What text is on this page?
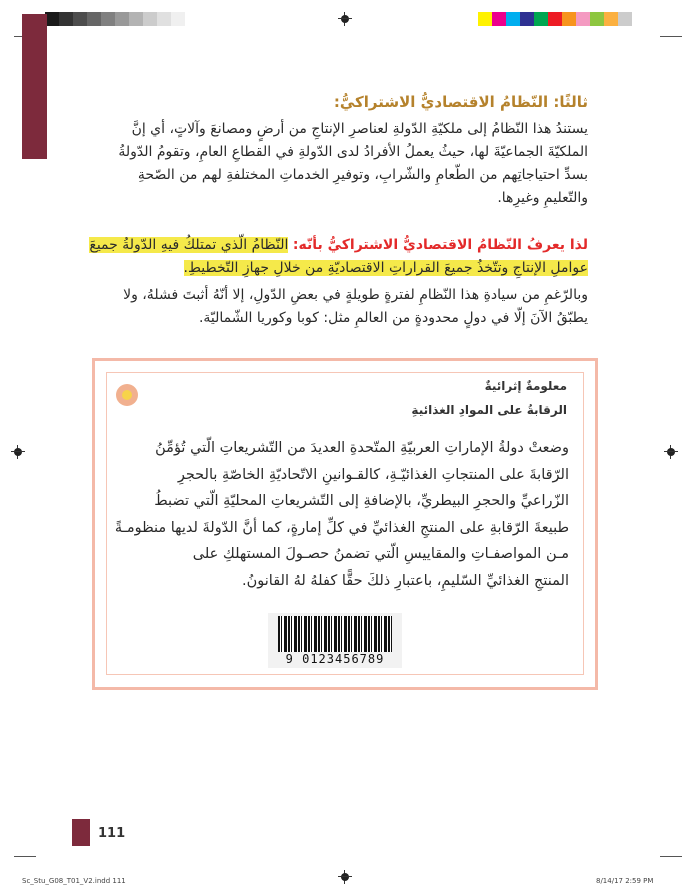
ثالثًا: النّظامُ الاقتصاديُّ الاشتراكيُّ:
يستندُ هذا النّظامُ إلى ملكيّةِ الدّولةِ لعناصرِ الإنتاجِ من أرضٍ ومصانعَ وآلاتٍ، أي إنَّ
الملكيّةَ الجماعيّةَ لها، حيثُ يعملُ الأفرادُ لدى الدّولةِ في القطاعِ العامِ، وتقومُ الدّولةُ
بسدِّ احتياجاتِهم من الطّعامِ والشّرابِ، وتوفيرِ الخدماتِ المختلفةِ لهم من الصّحةِ
والتّعليمِ وغيرِها.
لذا يعرفُ النّظامُ الاقتصاديُّ الاشتراكيُّ بأنّه: النّظامُ الّذي تمتلكُ فيهِ الدّولةُ جميعَ
عواملِ الإنتاجِ وتتّخذُ جميعَ القراراتِ الاقتصاديّةِ من خلالِ جهازِ التّخطيطِ.
وبالرّغمِ من سيادةِ هذا النّظامِ لفترةٍ طويلةٍ في بعضِ الدّولِ، إلا أنّهُ أثبتَ فشلهُ، ولا
يطبّقُ الآنَ إلّا في دولٍ محدودةٍ من العالمِ مثل: كوبا وكوريا الشّماليّة.
معلومةٌ إثرائيةٌ
الرقابةُ على الموادِ الغذائيةِ
وضعتْ دولةُ الإماراتِ العربيّةِ المتّحدةِ العديدَ من التّشريعاتِ الّتي تُؤمِّنُ
الرّقابةَ على المنتجاتِ الغذائيّـةِ، كالقـوانينِ الاتّحاديّةِ الخاصّةِ بالحجرِ
الزّراعيِّ والحجرِ البيطريِّ، بالإضافةِ إلى التّشريعاتِ المحليّةِ الّتي تضبطُ
طبيعةَ الرّقابةِ على المنتجِ الغذائيِّ في كلِّ إمارةٍ، كما أنَّ الدّولةَ لديها منظومـةً
مـن المواصفـاتِ والمقاييسِ الّتي تضمنُ حصـولَ المستهلكِ على
المنتجِ الغذائيِّ السّليمِ، باعتبارِ ذلكَ حقًّا كفلهُ لهُ القانونُ.
9 0123456789
111
Sc_Stu_G08_T01_V2.indd 111	8/14/17 2:59 PM
